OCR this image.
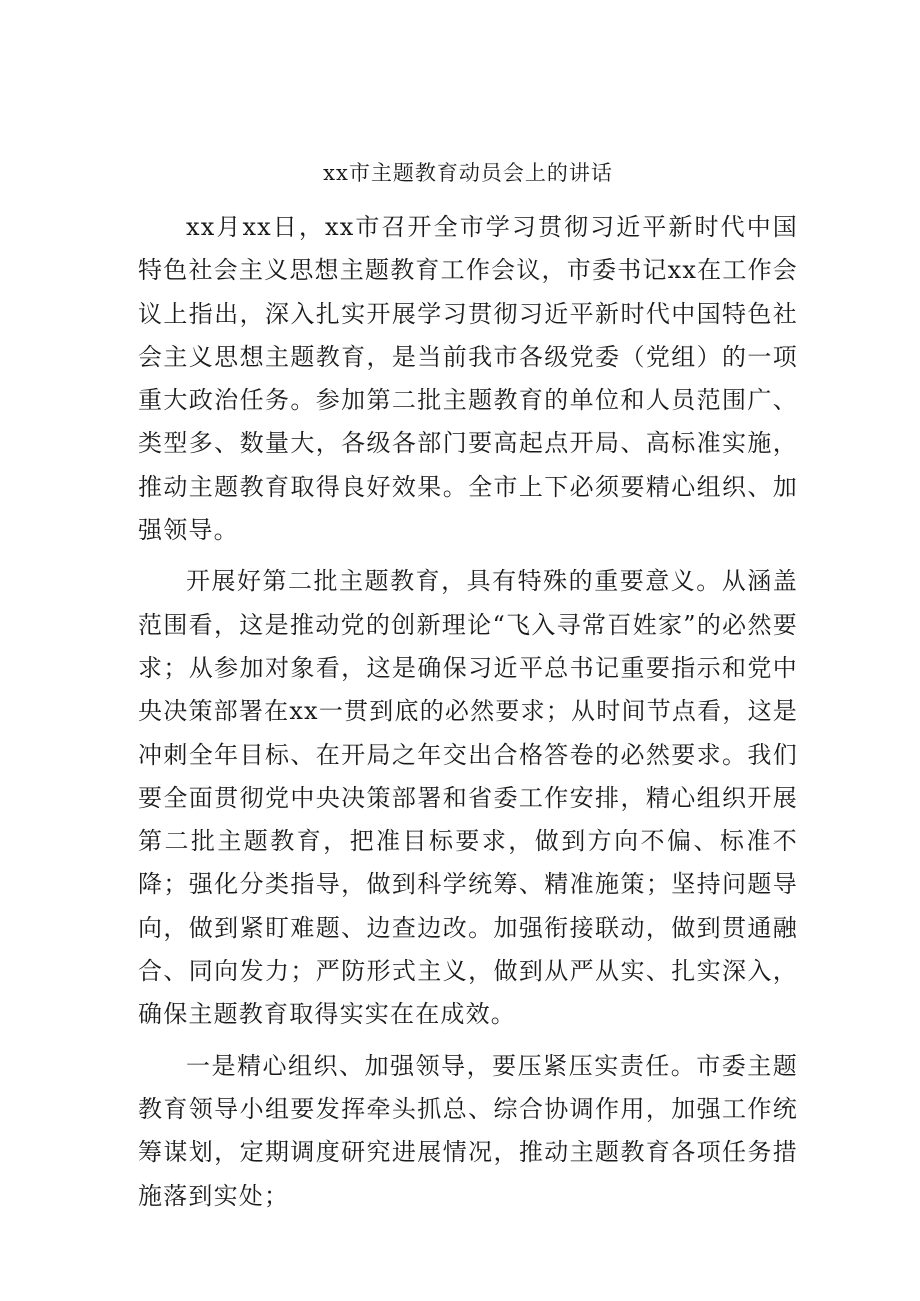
xx市主题教育动员会上的讲话

xx月xx日，xx市召开全市学习贯彻习近平新时代中国特色社会主义思想主题教育工作会议，市委书记xx在工作会议上指出，深入扎实开展学习贯彻习近平新时代中国特色社会主义思想主题教育，是当前我市各级党委（党组）的一项重大政治任务。参加第二批主题教育的单位和人员范围广、类型多、数量大，各级各部门要高起点开局、高标准实施，推动主题教育取得良好效果。全市上下必须要精心组织、加强领导。

开展好第二批主题教育，具有特殊的重要意义。从涵盖范围看，这是推动党的创新理论“飞入寻常百姓家”的必然要求；从参加对象看，这是确保习近平总书记重要指示和党中央决策部署在xx一贯到底的必然要求；从时间节点看，这是冲刺全年目标、在开局之年交出合格答卷的必然要求。我们要全面贯彻党中央决策部署和省委工作安排，精心组织开展第二批主题教育，把准目标要求，做到方向不偏、标准不降；强化分类指导，做到科学统筹、精准施策；坚持问题导向，做到紧盯难题、边查边改。加强衔接联动，做到贯通融合、同向发力；严防形式主义，做到从严从实、扎实深入，确保主题教育取得实实在在成效。

一是精心组织、加强领导，要压紧压实责任。市委主题教育领导小组要发挥牵头抓总、综合协调作用，加强工作统筹谋划，定期调度研究进展情况，推动主题教育各项任务措施落到实处；
